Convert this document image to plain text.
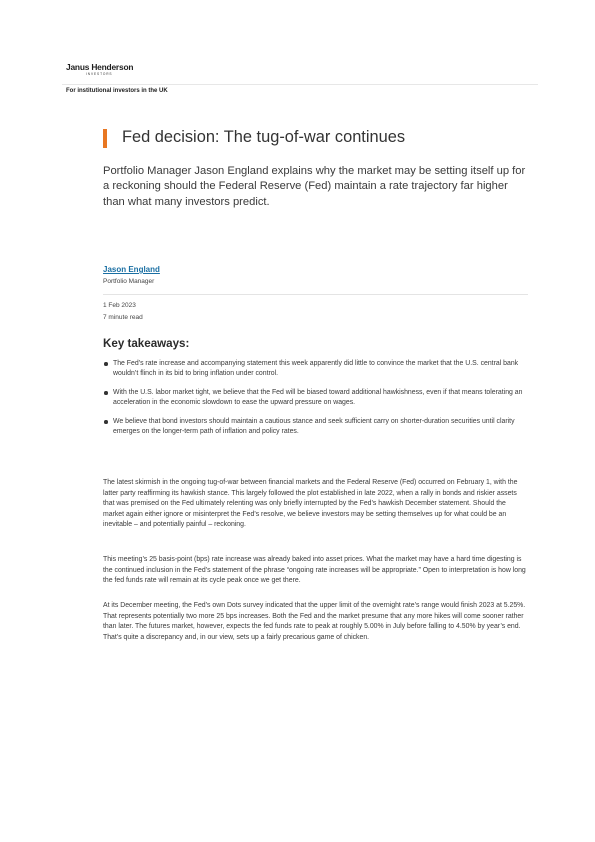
Janus Henderson
INVESTORS
For institutional investors in the UK
Fed decision: The tug-of-war continues

Portfolio Manager Jason England explains why the market may be setting itself up for a reckoning should the Federal Reserve (Fed) maintain a rate trajectory far higher than what many investors predict.

Jason England
Portfolio Manager
1 Feb 2023
7 minute read
Key takeaways:
The Fed’s rate increase and accompanying statement this week apparently did little to convince the market that the U.S. central bank wouldn’t flinch in its bid to bring inflation under control.
With the U.S. labor market tight, we believe that the Fed will be biased toward additional hawkishness, even if that means tolerating an acceleration in the economic slowdown to ease the upward pressure on wages.
We believe that bond investors should maintain a cautious stance and seek sufficient carry on shorter-duration securities until clarity emerges on the longer-term path of inflation and policy rates.

The latest skirmish in the ongoing tug-of-war between financial markets and the Federal Reserve (Fed) occurred on February 1, with the latter party reaffirming its hawkish stance. This largely followed the plot established in late 2022, when a rally in bonds and riskier assets that was premised on the Fed ultimately relenting was only briefly interrupted by the Fed’s hawkish December statement. Should the market again either ignore or misinterpret the Fed’s resolve, we believe investors may be setting themselves up for what could be an inevitable – and potentially painful – reckoning.

This meeting’s 25 basis-point (bps) rate increase was already baked into asset prices. What the market may have a hard time digesting is the continued inclusion in the Fed’s statement of the phrase “ongoing rate increases will be appropriate.” Open to interpretation is how long the fed funds rate will remain at its cycle peak once we get there.

At its December meeting, the Fed’s own Dots survey indicated that the upper limit of the overnight rate’s range would finish 2023 at 5.25%. That represents potentially two more 25 bps increases. Both the Fed and the market presume that any more hikes will come sooner rather than later. The futures market, however, expects the fed funds rate to peak at roughly 5.00% in July before falling to 4.50% by year’s end. That’s quite a discrepancy and, in our view, sets up a fairly precarious game of chicken.
